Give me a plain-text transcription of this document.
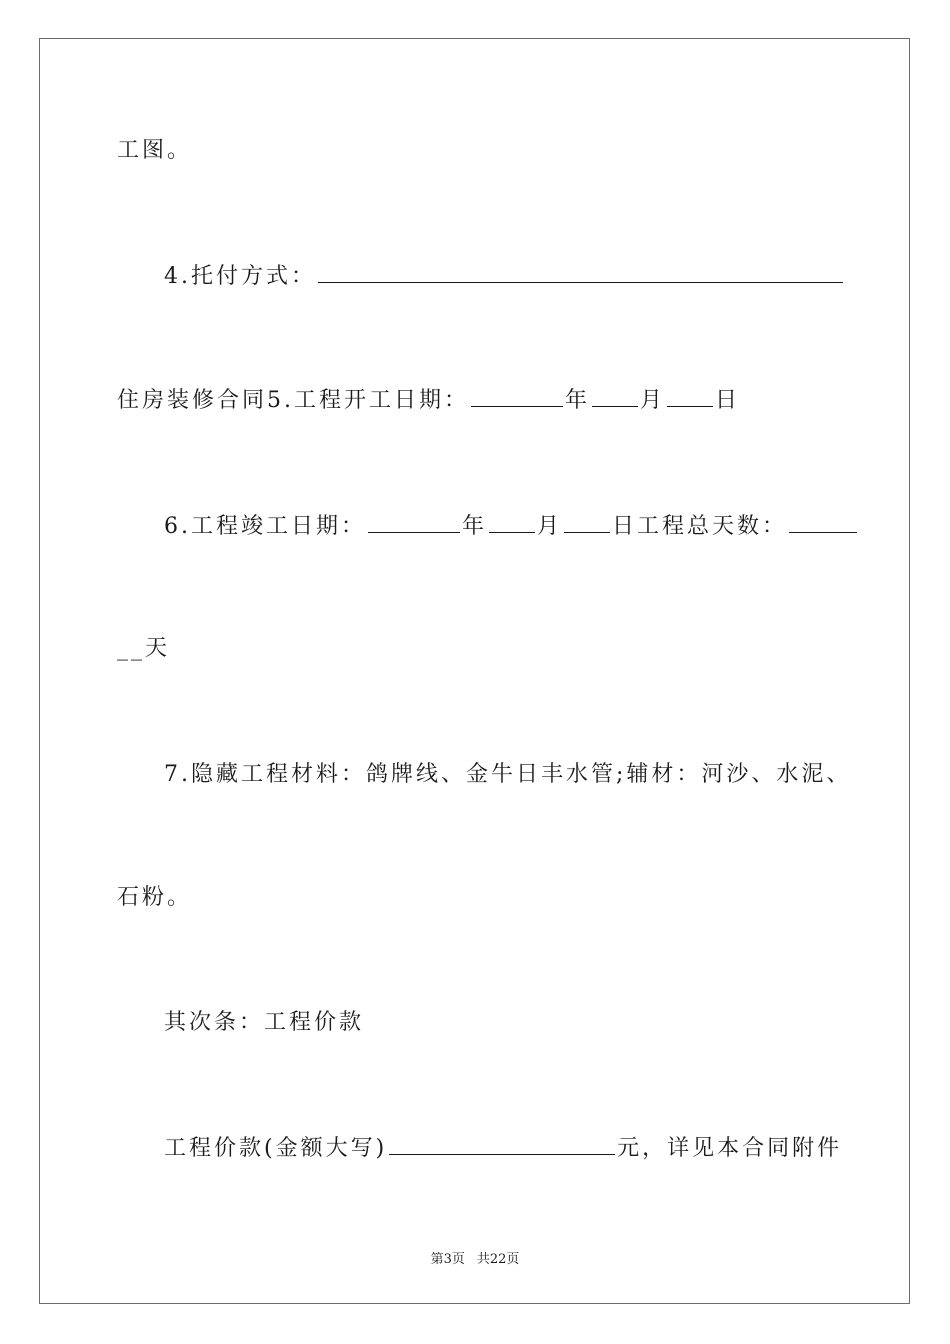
工图。
4.托付方式：
住房装修合同5.工程开工日期：	年 月 日
6.工程竣工日期：	年 月 日工程总天数：
__天
7.隐藏工程材料：鸽牌线、金牛日丰水管;辅材：河沙、水泥、
石粉。
其次条：工程价款
工程价款(金额大写)	元，详见本合同附件
第3页 共22页
